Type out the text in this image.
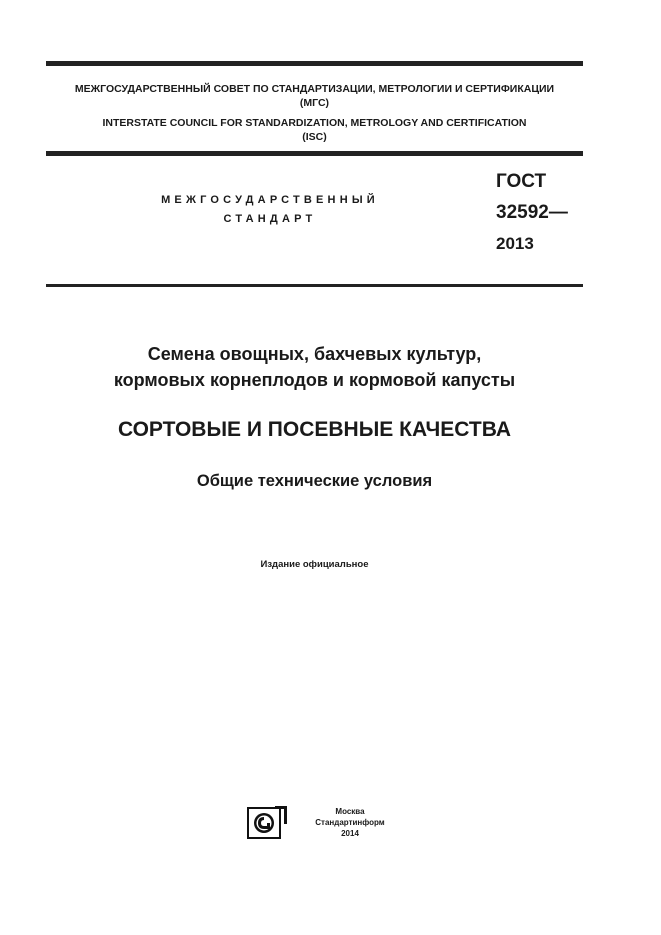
МЕЖГОСУДАРСТВЕННЫЙ СОВЕТ ПО СТАНДАРТИЗАЦИИ, МЕТРОЛОГИИ И СЕРТИФИКАЦИИ
(МГС)
INTERSTATE COUNCIL FOR STANDARDIZATION, METROLOGY AND CERTIFICATION
(ISC)
МЕЖГОСУДАРСТВЕННЫЙ
СТАНДАРТ
ГОСТ
32592—
2013
Семена овощных, бахчевых культур,
кормовых корнеплодов и кормовой капусты
СОРТОВЫЕ И ПОСЕВНЫЕ КАЧЕСТВА
Общие технические условия
Издание официальное
Москва
Стандартинформ
2014
